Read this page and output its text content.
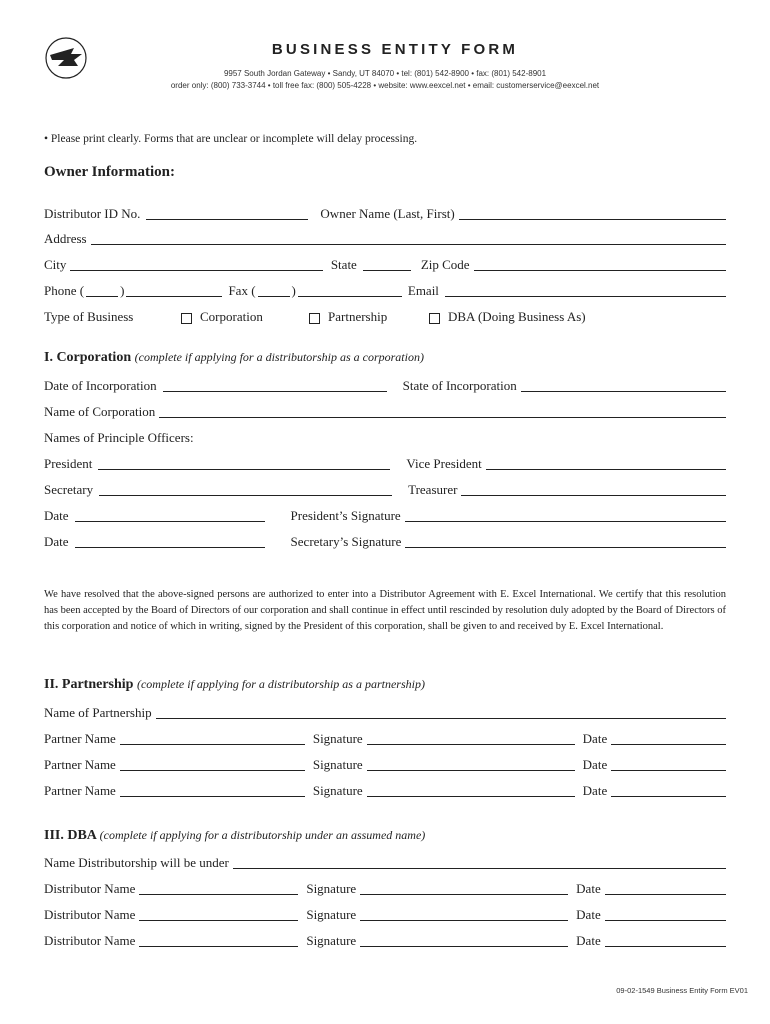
BUSINESS ENTITY FORM
9957 South Jordan Gateway • Sandy, UT 84070 • tel: (801) 542-8900 • fax: (801) 542-8901
order only: (800) 733-3744 • toll free fax: (800) 505-4228 • website: www.eexcel.net • email: customerservice@eexcel.net
• Please print clearly. Forms that are unclear or incomplete will delay processing.
Owner Information:
Distributor ID No.	Owner Name (Last, First)
Address
City	State	Zip Code
Phone (	)	Fax (	)	Email
Type of Business	Corporation	Partnership	DBA (Doing Business As)
I. Corporation (complete if applying for a distributorship as a corporation)
Date of Incorporation	State of Incorporation
Name of Corporation
Names of Principle Officers:
President	Vice President
Secretary	Treasurer
Date	President’s Signature
Date	Secretary’s Signature
We have resolved that the above-signed persons are authorized to enter into a Distributor Agreement with E. Excel International. We certify that this resolution has been accepted by the Board of Directors of our corporation and shall continue in effect until rescinded by resolution duly adopted by the Board of Directors of this corporation and notice of which in writing, signed by the President of this corporation, shall be given to and received by E. Excel International.
II. Partnership (complete if applying for a distributorship as a partnership)
Name of Partnership
Partner Name	Signature	Date
Partner Name	Signature	Date
Partner Name	Signature	Date
III. DBA (complete if applying for a distributorship under an assumed name)
Name Distributorship will be under
Distributor Name	Signature	Date
Distributor Name	Signature	Date
Distributor Name	Signature	Date
09-02-1549 Business Entity Form EV01
